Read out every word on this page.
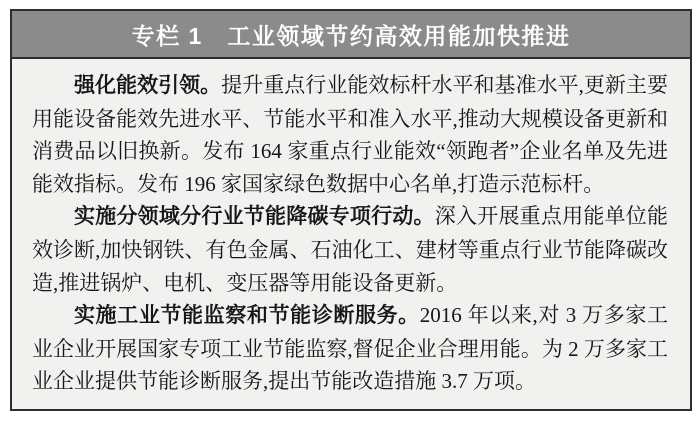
专栏 1　工业领域节约高效用能加快推进

强化能效引领。提升重点行业能效标杆水平和基准水平,更新主要用能设备能效先进水平、节能水平和准入水平,推动大规模设备更新和消费品以旧换新。发布 164 家重点行业能效“领跑者”企业名单及先进能效指标。发布 196 家国家绿色数据中心名单,打造示范标杆。

实施分领域分行业节能降碳专项行动。深入开展重点用能单位能效诊断,加快钢铁、有色金属、石油化工、建材等重点行业节能降碳改造,推进锅炉、电机、变压器等用能设备更新。

实施工业节能监察和节能诊断服务。2016 年以来,对 3 万多家工业企业开展国家专项工业节能监察,督促企业合理用能。为 2 万多家工业企业提供节能诊断服务,提出节能改造措施 3.7 万项。
